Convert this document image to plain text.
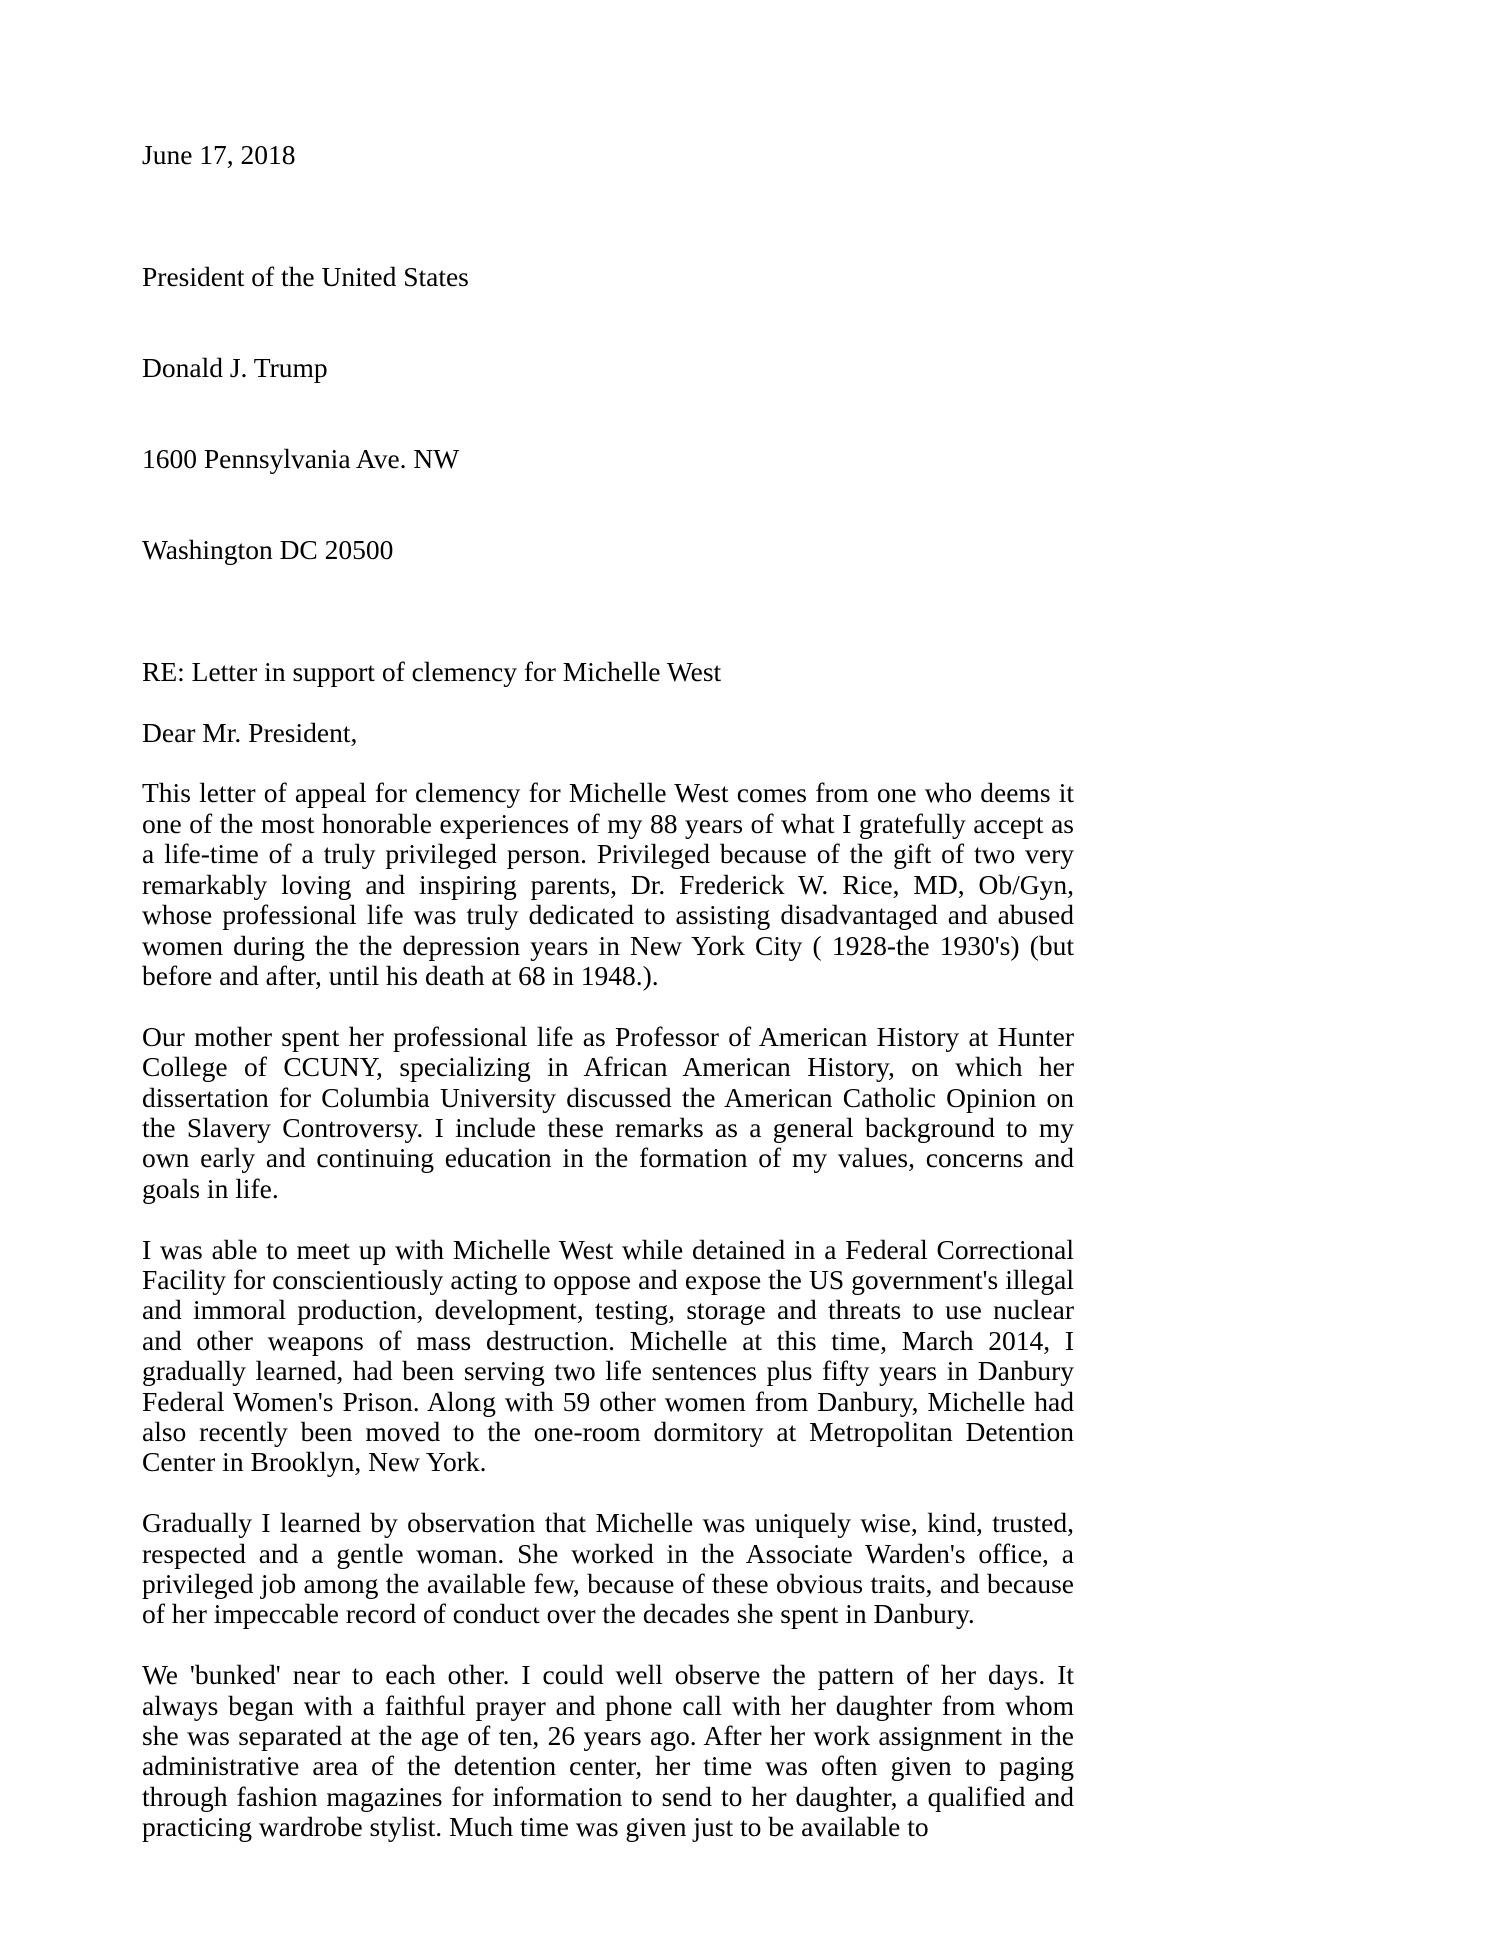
June 17, 2018

President of the United States

Donald J. Trump

1600 Pennsylvania Ave. NW

Washington DC 20500

RE: Letter in support of clemency for Michelle West
Dear Mr. President,

This letter of appeal for clemency for Michelle West comes from one who deems it one of the most honorable experiences of my 88 years of what I gratefully accept as a life-time of a truly privileged person. Privileged because of the gift of two very remarkably loving and inspiring parents, Dr. Frederick W. Rice, MD, Ob/Gyn, whose professional life was truly dedicated to assisting disadvantaged and abused women during the the depression years in New York City ( 1928-the 1930's) (but before and after, until his death at 68 in 1948.).

Our mother spent her professional life as Professor of American History at Hunter College of CCUNY, specializing in African American History, on which her dissertation for Columbia University discussed the American Catholic Opinion on the Slavery Controversy. I include these remarks as a general background to my own early and continuing education in the formation of my values, concerns and goals in life.

I was able to meet up with Michelle West while detained in a Federal Correctional Facility for conscientiously acting to oppose and expose the US government's illegal and immoral production, development, testing, storage and threats to use nuclear and other weapons of mass destruction. Michelle at this time, March 2014, I gradually learned, had been serving two life sentences plus fifty years in Danbury Federal Women's Prison. Along with 59 other women from Danbury, Michelle had also recently been moved to the one-room dormitory at Metropolitan Detention Center in Brooklyn, New York.

Gradually I learned by observation that Michelle was uniquely wise, kind, trusted, respected and a gentle woman. She worked in the Associate Warden's office, a privileged job among the available few, because of these obvious traits, and because of her impeccable record of conduct over the decades she spent in Danbury.

We 'bunked' near to each other. I could well observe the pattern of her days. It always began with a faithful prayer and phone call with her daughter from whom she was separated at the age of ten, 26 years ago. After her work assignment in the administrative area of the detention center, her time was often given to paging through fashion magazines for information to send to her daughter, a qualified and practicing wardrobe stylist. Much time was given just to be available to
